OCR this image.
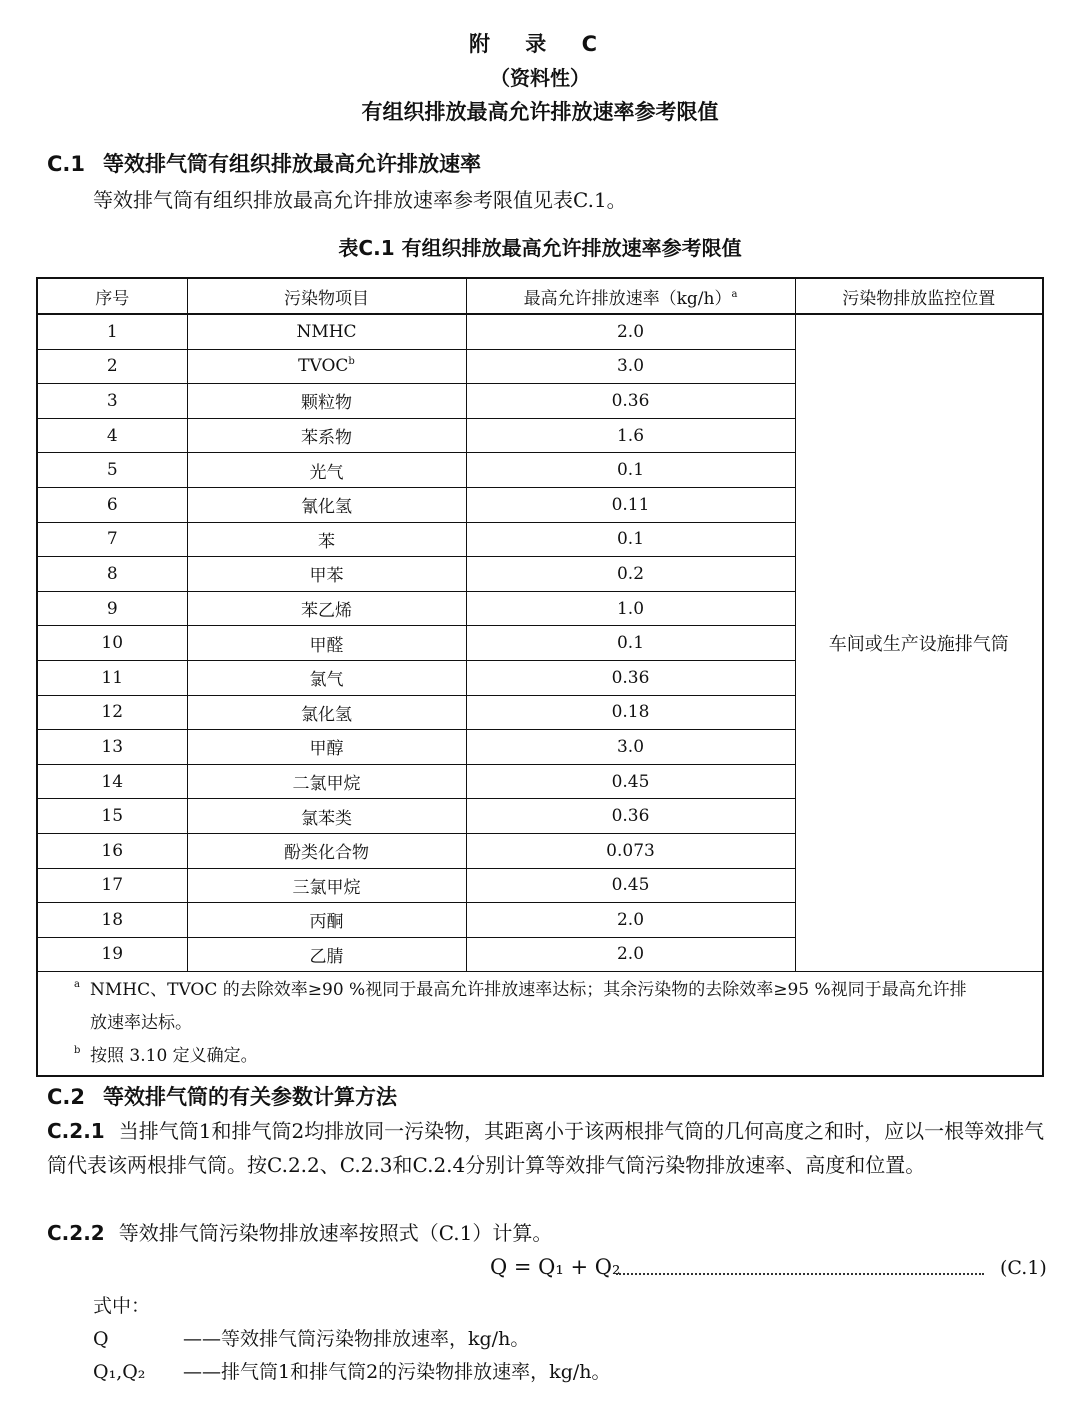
附 录 C
（资料性）
有组织排放最高允许排放速率参考限值
C.1 等效排气筒有组织排放最高允许排放速率
等效排气筒有组织排放最高允许排放速率参考限值见表C.1。
表C.1 有组织排放最高允许排放速率参考限值
序号	污染物项目	最高允许排放速率$(kg/h)^a$	污染物排放监控位置
1	NMHC	2.0	车间或生产设施排气筒
2	TVOC$^b$	3.0	
3	颗粒物	0.36	
4	苯系物	1.6	
5	光气	0.1	
6	氰化氢	0.11	
7	苯	0.1	
8	甲苯	0.2	
9	苯乙烯	1.0	
10	甲醛	0.1	
11	氯气	0.36	
12	氯化氢	0.18	
13	甲醇	3.0	
14	二氯甲烷	0.45	
15	氯苯类	0.36	
16	酚类化合物	0.073	
17	三氯甲烷	0.45	
18	丙酮	2.0	
19	乙腈	2.0	

a NMHC、TVOC 的去除效率≥90 %视同于最高允许排放速率达标；其余污染物的去除效率≥95 %视同于最高允许排
放速率达标。
b 按照 3.10 定义确定。			
C.2 等效排气筒的有关参数计算方法
C.2.1 当排气筒1和排气筒2均排放同一污染物，其距离小于该两根排气筒的几何高度之和时，应以一根等效排气筒代表该两根排气筒。按C.2.2、C.2.3和C.2.4分别计算等效排气筒污染物排放速率、高度和位置。
C.2.2 等效排气筒污染物排放速率按照式（C.1）计算。
Q = Q₁ + Q₂	(C.1)
式中：
Q	——等效排气筒污染物排放速率，kg/h。
Q₁,Q₂ ——排气筒1和排气筒2的污染物排放速率，kg/h。
